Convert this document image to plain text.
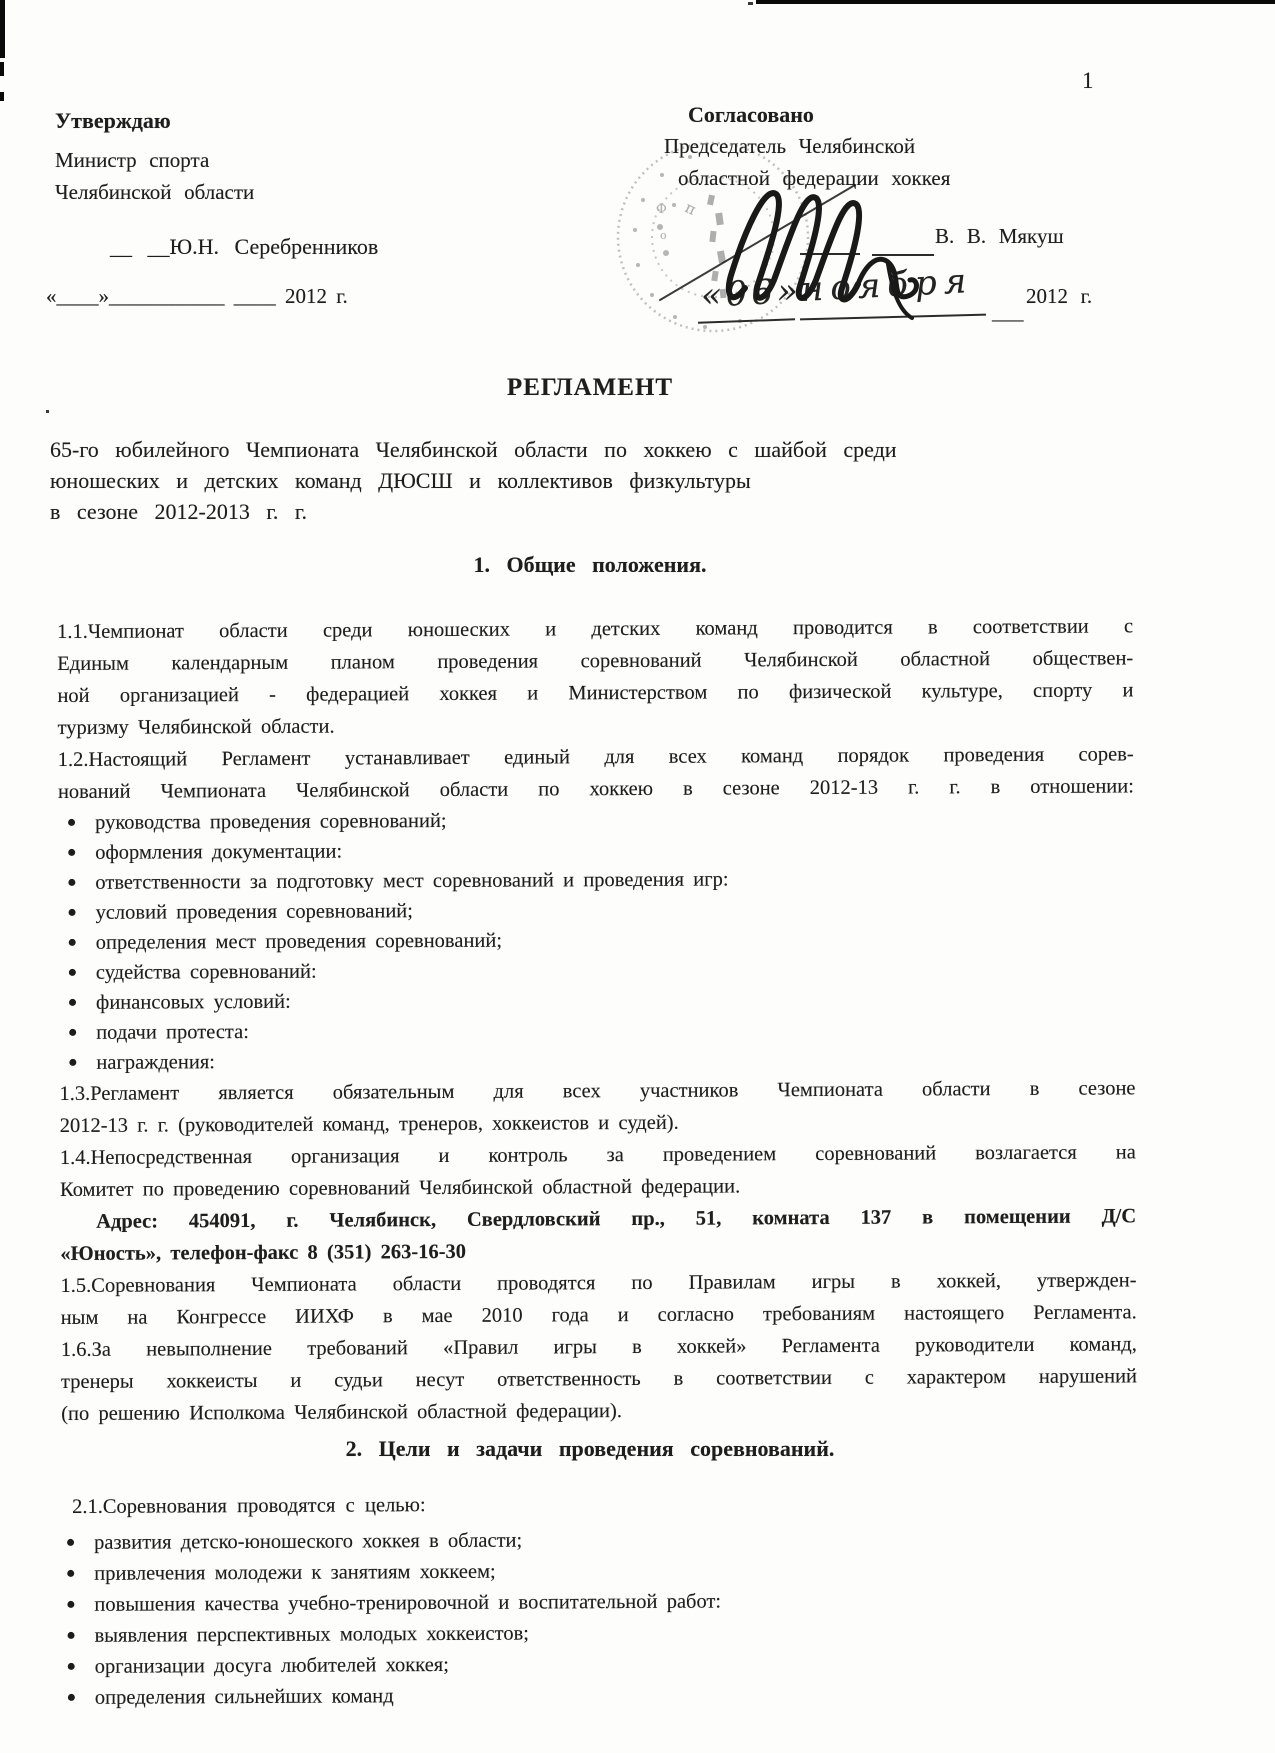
1
п
Ф
о
Утверждаю
Министр спорта
Челябинской области
__ __Ю.Н. Серебренников
«____»___________ ____ 2012 г.
Согласовано
Председатель Челябинской
областной федерации хоккея
В. В. Мякуш
«06»
ноября
___
2012 г.
РЕГЛАМЕНТ
65-го юбилейного Чемпионата Челябинской области по хоккею с шайбой среди
юношеских и детских команд ДЮСШ и коллективов физкультуры
в сезоне 2012-2013 г. г.
1. Общие положения.
1.1.Чемпионат области среди юношеских и детских команд проводится в соответствии с
Единым календарным планом проведения соревнований Челябинской областной обществен-
ной организацией - федерацией хоккея и Министерством по физической культуре, спорту и
туризму Челябинской области.
1.2.Настоящий Регламент устанавливает единый для всех команд порядок проведения сорев-
нований Чемпионата Челябинской области по хоккею в сезоне 2012-13 г. г. в отношении:
руководства проведения соревнований;
оформления документации:
ответственности за подготовку мест соревнований и проведения игр:
условий проведения соревнований;
определения мест проведения соревнований;
судейства соревнований:
финансовых условий:
подачи протеста:
награждения:
1.3.Регламент является обязательным для всех участников Чемпионата области в сезоне
2012-13 г. г. (руководителей команд, тренеров, хоккеистов и судей).
1.4.Непосредственная организация и контроль за проведением соревнований возлагается на
Комитет по проведению соревнований Челябинской областной федерации.
Адрес: 454091, г. Челябинск, Свердловский пр., 51, комната 137 в помещении Д/С
«Юность», телефон-факс 8 (351) 263-16-30
1.5.Соревнования Чемпионата области проводятся по Правилам игры в хоккей, утвержден-
ным на Конгрессе ИИХФ в мае 2010 года и согласно требованиям настоящего Регламента.
1.6.За невыполнение требований «Правил игры в хоккей» Регламента руководители команд,
тренеры хоккеисты и судьи несут ответственность в соответствии с характером нарушений
(по решению Исполкома Челябинской областной федерации).
2. Цели и задачи проведения соревнований.
2.1.Соревнования проводятся с целью:
развития детско-юношеского хоккея в области;
привлечения молодежи к занятиям хоккеем;
повышения качества учебно-тренировочной и воспитательной работ:
выявления перспективных молодых хоккеистов;
организации досуга любителей хоккея;
определения сильнейших команд
